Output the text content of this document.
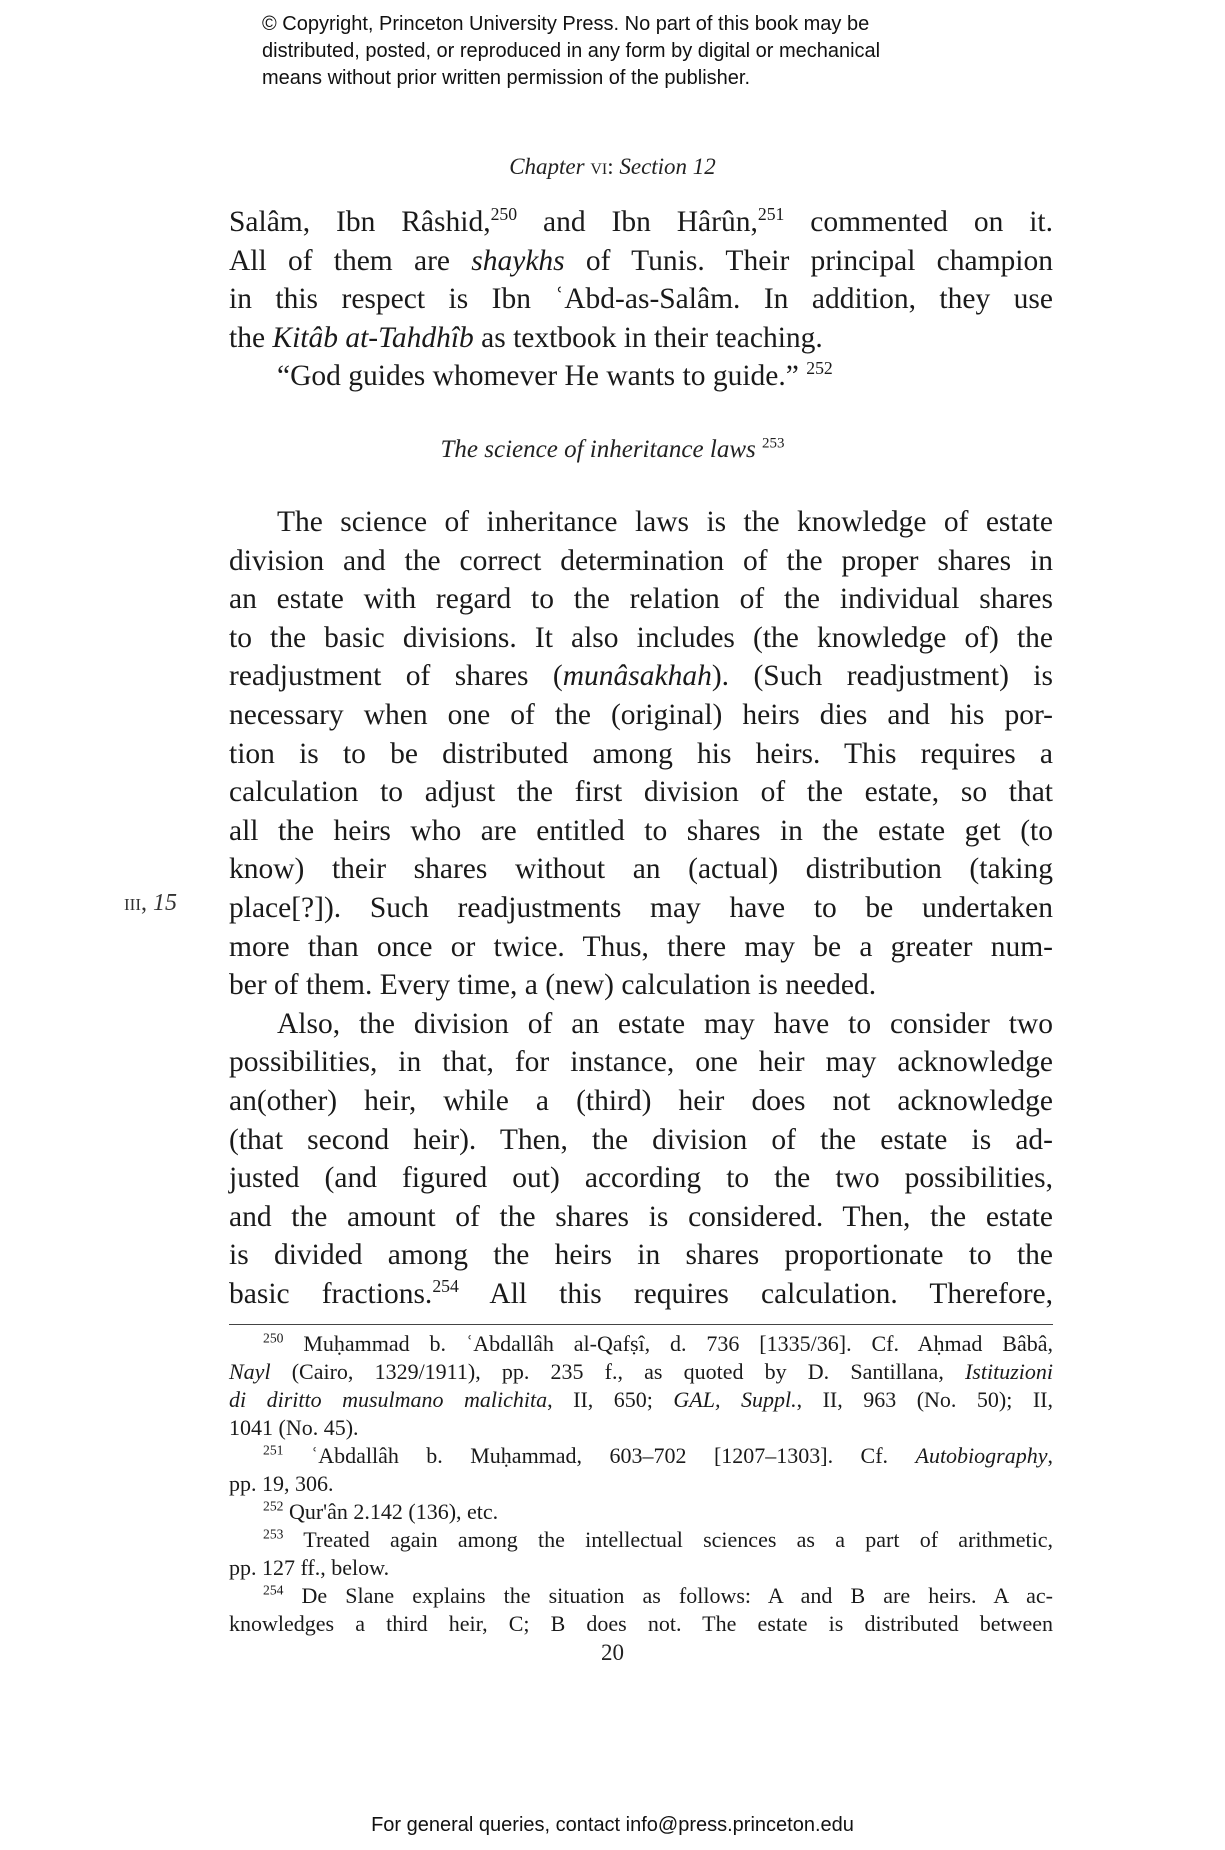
© Copyright, Princeton University Press. No part of this book may be
distributed, posted, or reproduced in any form by digital or mechanical
means without prior written permission of the publisher.
Chapter vi: Section 12
Salâm, Ibn Râshid,$^{250}$ and Ibn Hârûn,$^{251}$ commented on it.
All of them are shaykhs of Tunis. Their principal champion
in this respect is Ibn ʿAbd-as-Salâm. In addition, they use
the Kitâb at-Tahdhîb as textbook in their teaching.
“God guides whomever He wants to guide.” $^{252}$
The science of inheritance laws $^{253}$
The science of inheritance laws is the knowledge of estate
division and the correct determination of the proper shares in
an estate with regard to the relation of the individual shares
to the basic divisions. It also includes (the knowledge of) the
readjustment of shares (munâsakhah). (Such readjustment) is
necessary when one of the (original) heirs dies and his por-
tion is to be distributed among his heirs. This requires a
calculation to adjust the first division of the estate, so that
all the heirs who are entitled to shares in the estate get (to
know) their shares without an (actual) distribution (taking
place[?]). Such readjustments may have to be undertaken
more than once or twice. Thus, there may be a greater num-
ber of them. Every time, a (new) calculation is needed.
Also, the division of an estate may have to consider two
possibilities, in that, for instance, one heir may acknowledge
an(other) heir, while a (third) heir does not acknowledge
(that second heir). Then, the division of the estate is ad-
justed (and figured out) according to the two possibilities,
and the amount of the shares is considered. Then, the estate
is divided among the heirs in shares proportionate to the
basic fractions.$^{254}$ All this requires calculation. Therefore,
iii, 15
$^{250}$ Muḥammad b. ʿAbdallâh al-Qafṣî, d. 736 [1335/36]. Cf. Aḥmad Bâbâ,
Nayl (Cairo, 1329/1911), pp. 235 f., as quoted by D. Santillana, Istituzioni
di diritto musulmano malichita, II, 650; GAL, Suppl., II, 963 (No. 50); II,
1041 (No. 45).
$^{251}$ ʿAbdallâh b. Muḥammad, 603–702 [1207–1303]. Cf. Autobiography,
pp. 19, 306.
$^{252}$ Qur'ân 2.142 (136), etc.
$^{253}$ Treated again among the intellectual sciences as a part of arithmetic,
pp. 127 ff., below.
$^{254}$ De Slane explains the situation as follows: A and B are heirs. A ac-
knowledges a third heir, C; B does not. The estate is distributed between
20
For general queries, contact info@press.princeton.edu
